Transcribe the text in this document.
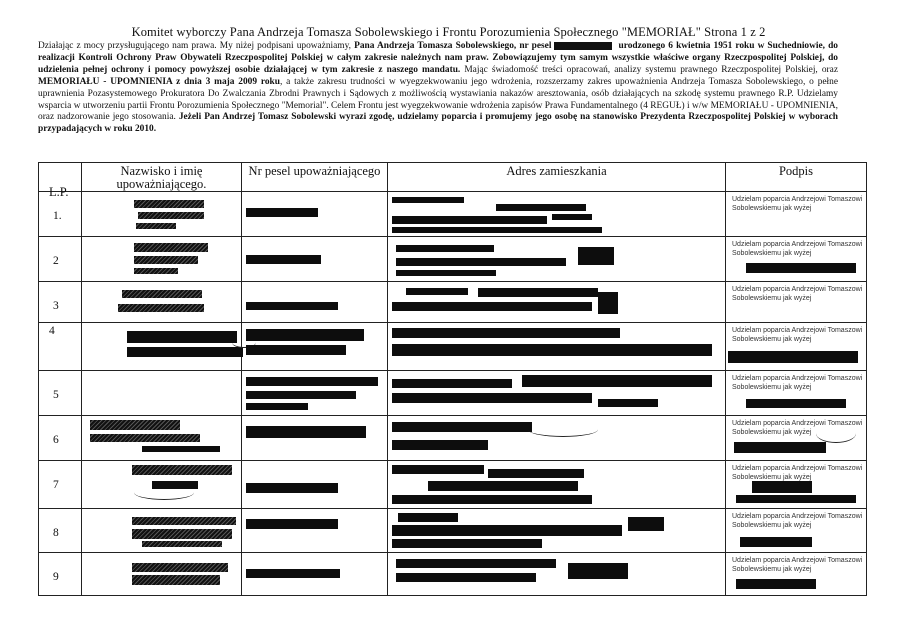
Komitet wyborczy Pana Andrzeja Tomasza Sobolewskiego i Frontu Porozumienia Społecznego "MEMORIAŁ" Strona 1 z 2
Działając z mocy przysługującego nam prawa. My niżej podpisani upoważniamy, Pana Andrzeja Tomasza Sobolewskiego, nr pesel	urodzonego 6 kwietnia 1951 roku w Suchedniowie, do realizacji Kontroli Ochrony Praw Obywateli Rzeczpospolitej Polskiej w całym zakresie należnych nam praw. Zobowiązujemy tym samym wszystkie właściwe organy Rzeczpospolitej Polskiej, do udzielenia pełnej ochrony i pomocy powyższej osobie działającej w tym zakresie z naszego mandatu. Mając świadomość treści opracowań, analizy systemu prawnego Rzeczpospolitej Polskiej, oraz MEMORIAŁU - UPOMNIENIA z dnia 3 maja 2009 roku, a także zakresu trudności w wyegzekwowaniu jego wdrożenia, rozszerzamy zakres upoważnienia Andrzeja Tomasza Sobolewskiego, o pełne uprawnienia Pozasystemowego Prokuratora Do Zwalczania Zbrodni Prawnych i Sądowych z możliwością wystawiania nakazów aresztowania, osób działających na szkodę systemu prawnego R.P. Udzielamy wsparcia w utworzeniu partii Frontu Porozumienia Społecznego "Memorial". Celem Frontu jest wyegzekwowanie wdrożenia zapisów Prawa Fundamentalnego (4 REGUŁ) i w/w MEMORIAŁU - UPOMNIENIA, oraz nadzorowanie jego stosowania. Jeżeli Pan Andrzej Tomasz Sobolewski wyrazi zgodę, udzielamy poparcia i promujemy jego osobę na stanowisko Prezydenta Rzeczpospolitej Polskiej w wyborach przypadających w roku 2010.
L.P.	Nazwisko i imię upoważniającego.	Nr pesel upoważniającego	Adres zamieszkania	Podpis

1.				Udzielam poparcia Andrzejowi Tomaszowi Sobolewskiemu jak wyżej

2				Udzielam poparcia Andrzejowi Tomaszowi Sobolewskiemu jak wyżej

3				Udzielam poparcia Andrzejowi Tomaszowi Sobolewskiemu jak wyżej

4				Udzielam poparcia Andrzejowi Tomaszowi Sobolewskiemu jak wyżej

5				Udzielam poparcia Andrzejowi Tomaszowi Sobolewskiemu jak wyżej

6				Udzielam poparcia Andrzejowi Tomaszowi Sobolewskiemu jak wyżej

7				Udzielam poparcia Andrzejowi Tomaszowi Sobolewskiemu jak wyżej

8				Udzielam poparcia Andrzejowi Tomaszowi Sobolewskiemu jak wyżej

9				Udzielam poparcia Andrzejowi Tomaszowi Sobolewskiemu jak wyżej
